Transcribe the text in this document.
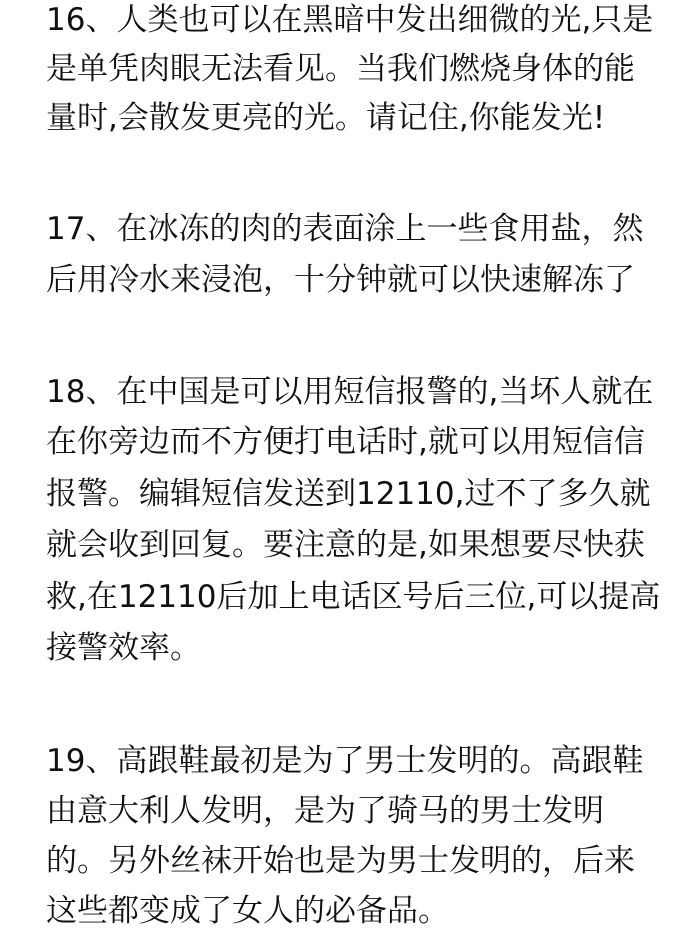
16、人类也可以在黑暗中发出细微的光,只是
是单凭肉眼无法看见。当我们燃烧身体的能
量时,会散发更亮的光。请记住,你能发光!
17、在冰冻的肉的表面涂上一些食用盐，然
后用冷水来浸泡，十分钟就可以快速解冻了
18、在中国是可以用短信报警的,当坏人就在
在你旁边而不方便打电话时,就可以用短信信
报警。编辑短信发送到12110,过不了多久就
就会收到回复。要注意的是,如果想要尽快获
救,在12110后加上电话区号后三位,可以提高
接警效率。
19、高跟鞋最初是为了男士发明的。高跟鞋
由意大利人发明，是为了骑马的男士发明
的。另外丝袜开始也是为男士发明的，后来
这些都变成了女人的必备品。
